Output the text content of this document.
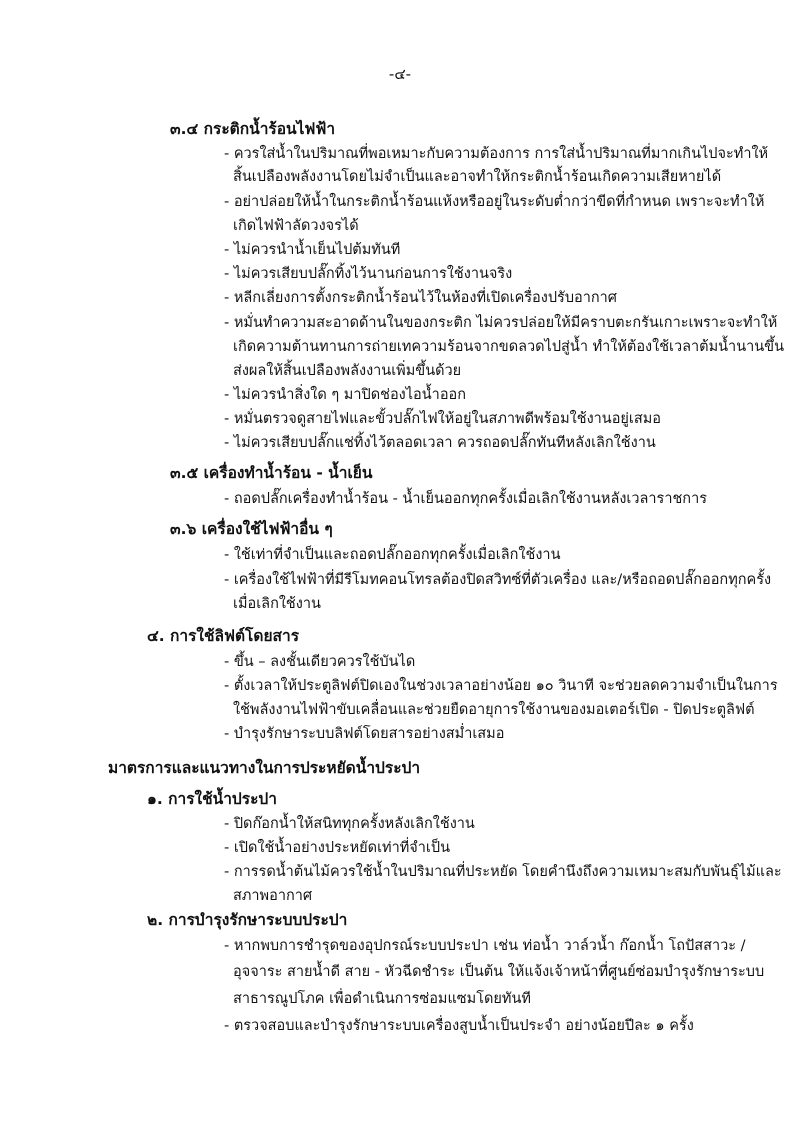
-๔-

๓.๔ กระติกน้ำร้อนไฟฟ้า

- ควรใส่น้ำในปริมาณที่พอเหมาะกับความต้องการ การใส่น้ำปริมาณที่มากเกินไปจะทำให้

สิ้นเปลืองพลังงานโดยไม่จำเป็นและอาจทำให้กระติกน้ำร้อนเกิดความเสียหายได้

- อย่าปล่อยให้น้ำในกระติกน้ำร้อนแห้งหรืออยู่ในระดับต่ำกว่าขีดที่กำหนด เพราะจะทำให้

เกิดไฟฟ้าลัดวงจรได้

- ไม่ควรนำน้ำเย็นไปต้มทันที

- ไม่ควรเสียบปลั๊กทิ้งไว้นานก่อนการใช้งานจริง

- หลีกเลี่ยงการตั้งกระติกน้ำร้อนไว้ในห้องที่เปิดเครื่องปรับอากาศ

- หมั่นทำความสะอาดด้านในของกระติก ไม่ควรปล่อยให้มีคราบตะกรันเกาะเพราะจะทำให้

เกิดความต้านทานการถ่ายเทความร้อนจากขดลวดไปสู่น้ำ ทำให้ต้องใช้เวลาต้มน้ำนานขึ้น

ส่งผลให้สิ้นเปลืองพลังงานเพิ่มขึ้นด้วย

- ไม่ควรนำสิ่งใด ๆ มาปิดช่องไอน้ำออก

- หมั่นตรวจดูสายไฟและขั้วปลั๊กไฟให้อยู่ในสภาพดีพร้อมใช้งานอยู่เสมอ

- ไม่ควรเสียบปลั๊กแช่ทิ้งไว้ตลอดเวลา ควรถอดปลั๊กทันทีหลังเลิกใช้งาน

๓.๕ เครื่องทำน้ำร้อน - น้ำเย็น

- ถอดปลั๊กเครื่องทำน้ำร้อน - น้ำเย็นออกทุกครั้งเมื่อเลิกใช้งานหลังเวลาราชการ

๓.๖ เครื่องใช้ไฟฟ้าอื่น ๆ

- ใช้เท่าที่จำเป็นและถอดปลั๊กออกทุกครั้งเมื่อเลิกใช้งาน

- เครื่องใช้ไฟฟ้าที่มีรีโมทคอนโทรลต้องปิดสวิทซ์ที่ตัวเครื่อง และ/หรือถอดปลั๊กออกทุกครั้ง

เมื่อเลิกใช้งาน

๔. การใช้ลิฟต์โดยสาร

- ขึ้น – ลงชั้นเดียวควรใช้บันได

- ตั้งเวลาให้ประตูลิฟต์ปิดเองในช่วงเวลาอย่างน้อย ๑๐ วินาที จะช่วยลดความจำเป็นในการ

ใช้พลังงานไฟฟ้าขับเคลื่อนและช่วยยืดอายุการใช้งานของมอเตอร์เปิด - ปิดประตูลิฟต์

- บำรุงรักษาระบบลิฟต์โดยสารอย่างสม่ำเสมอ

มาตรการและแนวทางในการประหยัดน้ำประปา

๑. การใช้น้ำประปา

- ปิดก๊อกน้ำให้สนิททุกครั้งหลังเลิกใช้งาน

- เปิดใช้น้ำอย่างประหยัดเท่าที่จำเป็น

- การรดน้ำต้นไม้ควรใช้น้ำในปริมาณที่ประหยัด โดยคำนึงถึงความเหมาะสมกับพันธุ์ไม้และ

สภาพอากาศ

๒. การบำรุงรักษาระบบประปา

- หากพบการชำรุดของอุปกรณ์ระบบประปา เช่น ท่อน้ำ วาล์วน้ำ ก๊อกน้ำ โถปัสสาวะ /

อุจจาระ สายน้ำดี สาย - หัวฉีดชำระ เป็นต้น ให้แจ้งเจ้าหน้าที่ศูนย์ซ่อมบำรุงรักษาระบบ

สาธารณูปโภค เพื่อดำเนินการซ่อมแซมโดยทันที

- ตรวจสอบและบำรุงรักษาระบบเครื่องสูบน้ำเป็นประจำ อย่างน้อยปีละ ๑ ครั้ง
